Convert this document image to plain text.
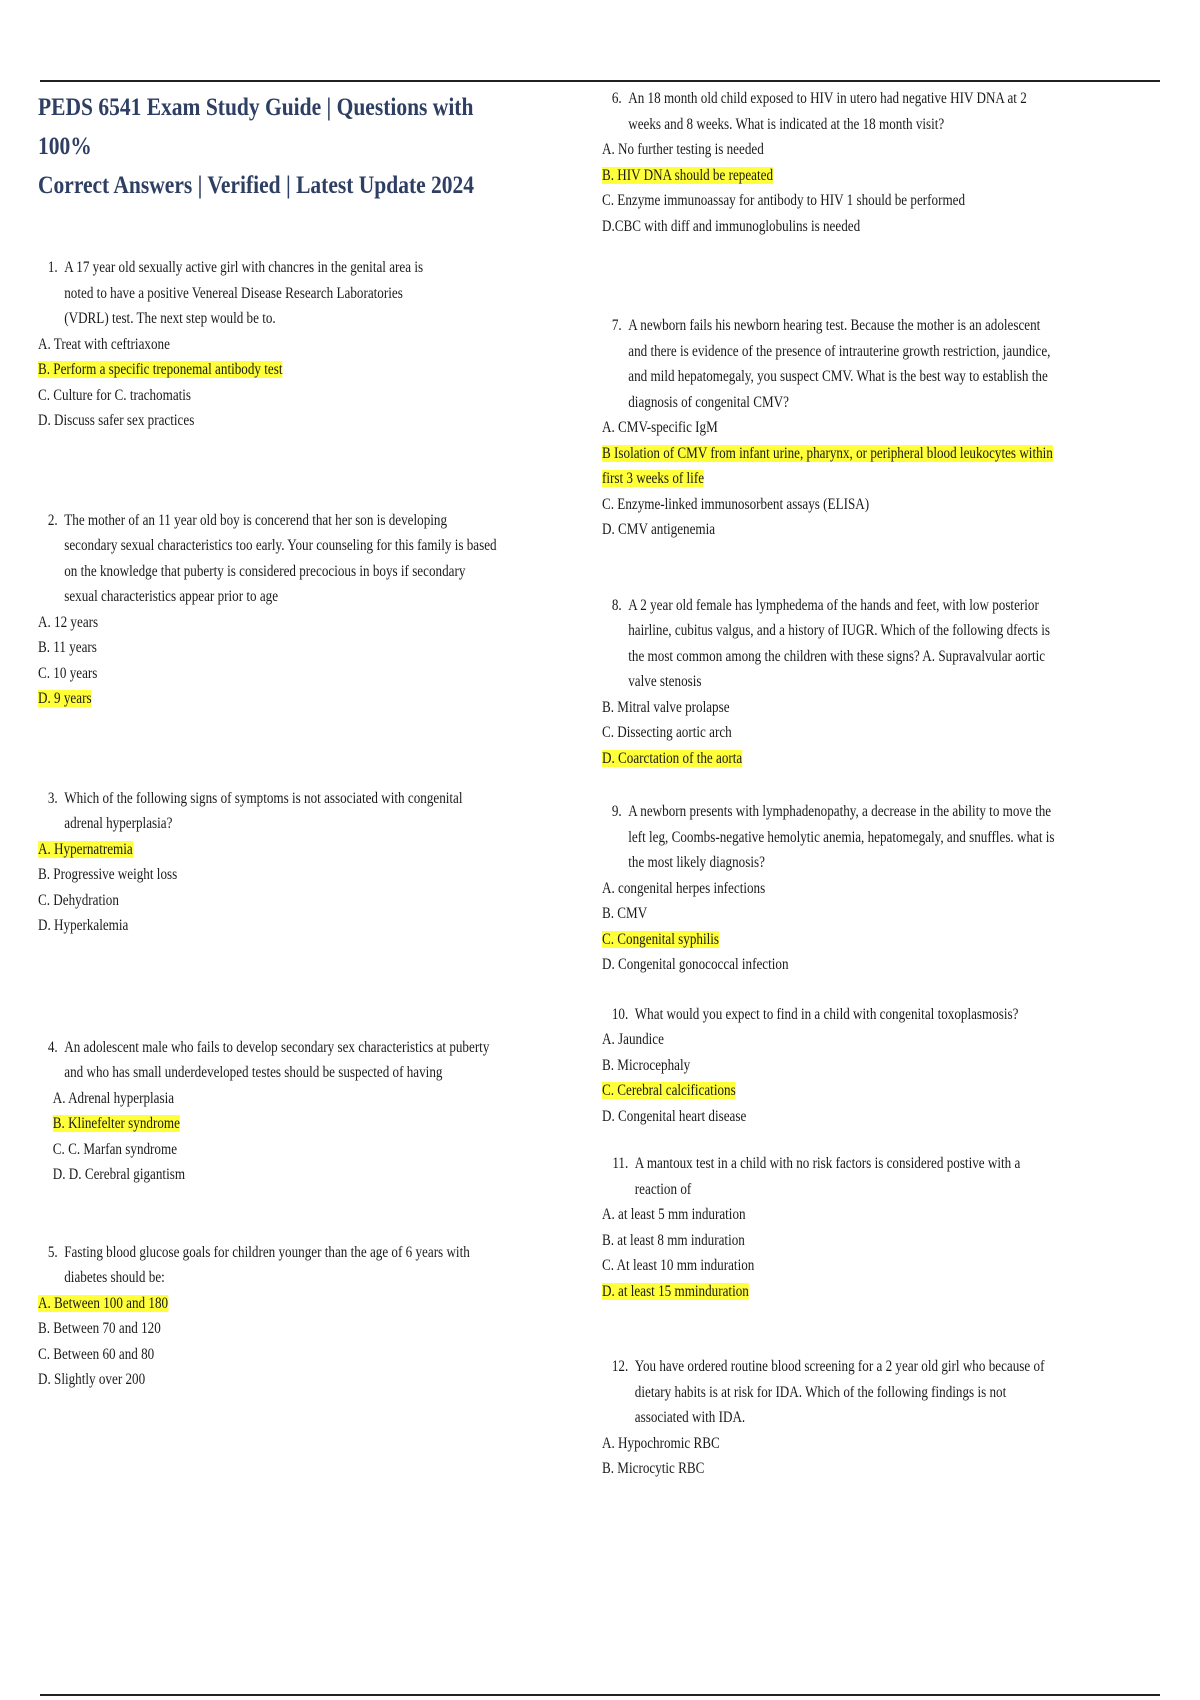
PEDS 6541 Exam Study Guide | Questions with 100%
Correct Answers | Verified | Latest Update 2024
1. A 17 year old sexually active girl with chancres in the genital area is noted to have a positive Venereal Disease Research Laboratories (VDRL) test. The next step would be to.
A. Treat with ceftriaxone
B. Perform a specific treponemal antibody test
C. Culture for C. trachomatis
D. Discuss safer sex practices
2. The mother of an 11 year old boy is concerend that her son is developing secondary sexual characteristics too early. Your counseling for this family is based on the knowledge that puberty is considered precocious in boys if secondary sexual characteristics appear prior to age
A. 12 years
B. 11 years
C. 10 years
D. 9 years
3. Which of the following signs of symptoms is not associated with congenital adrenal hyperplasia?
A. Hypernatremia
B. Progressive weight loss
C. Dehydration
D. Hyperkalemia
4. An adolescent male who fails to develop secondary sex characteristics at puberty and who has small underdeveloped testes should be suspected of having
A. Adrenal hyperplasia
B. Klinefelter syndrome
C. C. Marfan syndrome
D. D. Cerebral gigantism
5. Fasting blood glucose goals for children younger than the age of 6 years with diabetes should be:
A. Between 100 and 180
B. Between 70 and 120
C. Between 60 and 80
D. Slightly over 200
6. An 18 month old child exposed to HIV in utero had negative HIV DNA at 2 weeks and 8 weeks. What is indicated at the 18 month visit?
A. No further testing is needed
B. HIV DNA should be repeated
C. Enzyme immunoassay for antibody to HIV 1 should be performed
D.CBC with diff and immunoglobulins is needed
7. A newborn fails his newborn hearing test. Because the mother is an adolescent and there is evidence of the presence of intrauterine growth restriction, jaundice, and mild hepatomegaly, you suspect CMV. What is the best way to establish the diagnosis of congenital CMV?
A. CMV-specific IgM
B Isolation of CMV from infant urine, pharynx, or peripheral blood leukocytes within first 3 weeks of life
C. Enzyme-linked immunosorbent assays (ELISA)
D. CMV antigenemia
8. A 2 year old female has lymphedema of the hands and feet, with low posterior hairline, cubitus valgus, and a history of IUGR. Which of the following dfects is the most common among the children with these signs? A. Supravalvular aortic valve stenosis
B. Mitral valve prolapse
C. Dissecting aortic arch
D. Coarctation of the aorta
9. A newborn presents with lymphadenopathy, a decrease in the ability to move the left leg, Coombs-negative hemolytic anemia, hepatomegaly, and snuffles. what is the most likely diagnosis?
A. congenital herpes infections
B. CMV
C. Congenital syphilis
D. Congenital gonococcal infection
10. What would you expect to find in a child with congenital toxoplasmosis?
A. Jaundice
B. Microcephaly
C. Cerebral calcifications
D. Congenital heart disease
11. A mantoux test in a child with no risk factors is considered postive with a reaction of
A. at least 5 mm induration
B. at least 8 mm induration
C. At least 10 mm induration
D. at least 15 mminduration
12. You have ordered routine blood screening for a 2 year old girl who because of dietary habits is at risk for IDA. Which of the following findings is not associated with IDA.
A. Hypochromic RBC
B. Microcytic RBC
